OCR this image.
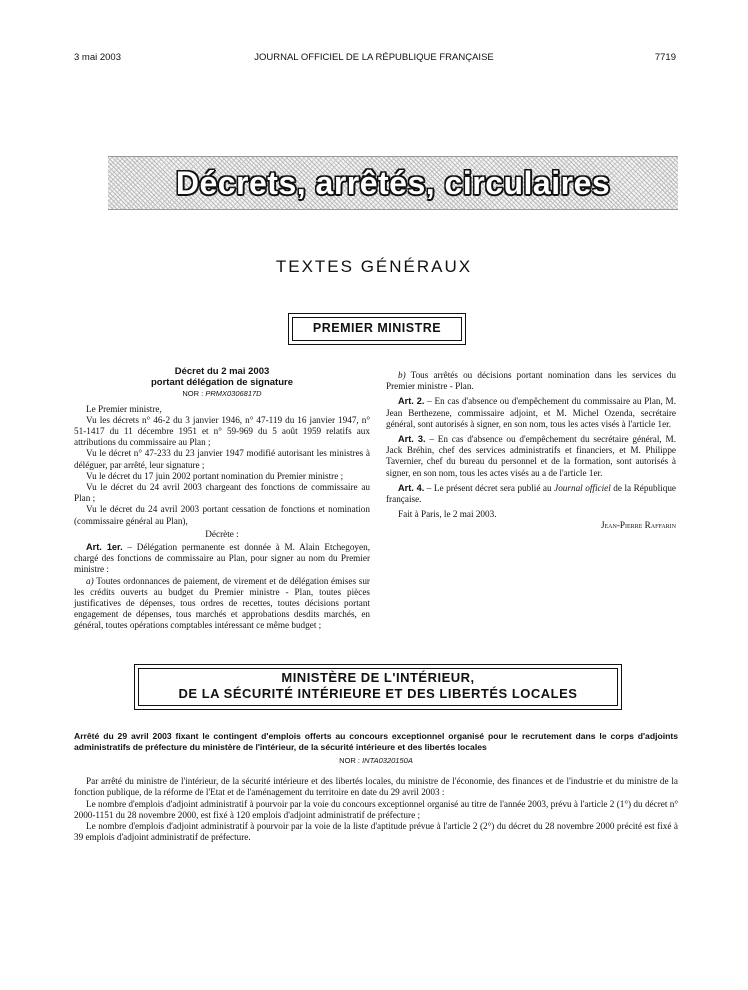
3 mai 2003	JOURNAL OFFICIEL DE LA RÉPUBLIQUE FRANÇAISE	7719
Décrets, arrêtés, circulaires
TEXTES GÉNÉRAUX
PREMIER MINISTRE

Décret du 2 mai 2003

portant délégation de signature

NOR : PRMX0306817D

Le Premier ministre,

Vu les décrets n° 46-2 du 3 janvier 1946, n° 47-119 du 16 janvier 1947, n° 51-1417 du 11 décembre 1951 et n° 59-969 du 5 août 1959 relatifs aux attributions du commissaire au Plan ;

Vu le décret n° 47-233 du 23 janvier 1947 modifié autorisant les ministres à déléguer, par arrêté, leur signature ;

Vu le décret du 17 juin 2002 portant nomination du Premier ministre ;

Vu le décret du 24 avril 2003 chargeant des fonctions de commissaire au Plan ;

Vu le décret du 24 avril 2003 portant cessation de fonctions et nomination (commissaire général au Plan),

Décrète :

Art. 1er. – Délégation permanente est donnée à M. Alain Etchegoyen, chargé des fonctions de commissaire au Plan, pour signer au nom du Premier ministre :

a) Toutes ordonnances de paiement, de virement et de délégation émises sur les crédits ouverts au budget du Premier ministre - Plan, toutes pièces justificatives de dépenses, tous ordres de recettes, toutes décisions portant engagement de dépenses, tous marchés et approbations desdits marchés, en général, toutes opérations comptables intéressant ce même budget ;

b) Tous arrêtés ou décisions portant nomination dans les services du Premier ministre - Plan.

Art. 2. – En cas d'absence ou d'empêchement du commissaire au Plan, M. Jean Berthezene, commissaire adjoint, et M. Michel Ozenda, secrétaire général, sont autorisés à signer, en son nom, tous les actes visés à l'article 1er.

Art. 3. – En cas d'absence ou d'empêchement du secrétaire général, M. Jack Bréhin, chef des services administratifs et financiers, et M. Philippe Tavernier, chef du bureau du personnel et de la formation, sont autorisés à signer, en son nom, tous les actes visés au a de l'article 1er.

Art. 4. – Le présent décret sera publié au Journal officiel de la République française.

Fait à Paris, le 2 mai 2003.

Jean-Pierre Raffarin

MINISTÈRE DE L'INTÉRIEUR,
DE LA SÉCURITÉ INTÉRIEURE ET DES LIBERTÉS LOCALES

Arrêté du 29 avril 2003 fixant le contingent d'emplois offerts au concours exceptionnel organisé pour le recrutement dans le corps d'adjoints administratifs de préfecture du ministère de l'intérieur, de la sécurité intérieure et des libertés locales

NOR : INTA0320150A

Par arrêté du ministre de l'intérieur, de la sécurité intérieure et des libertés locales, du ministre de l'économie, des finances et de l'industrie et du ministre de la fonction publique, de la réforme de l'Etat et de l'aménagement du territoire en date du 29 avril 2003 :

Le nombre d'emplois d'adjoint administratif à pourvoir par la voie du concours exceptionnel organisé au titre de l'année 2003, prévu à l'article 2 (1°) du décret n° 2000-1151 du 28 novembre 2000, est fixé à 120 emplois d'adjoint administratif de préfecture ;

Le nombre d'emplois d'adjoint administratif à pourvoir par la voie de la liste d'aptitude prévue à l'article 2 (2°) du décret du 28 novembre 2000 précité est fixé à 39 emplois d'adjoint administratif de préfecture.
